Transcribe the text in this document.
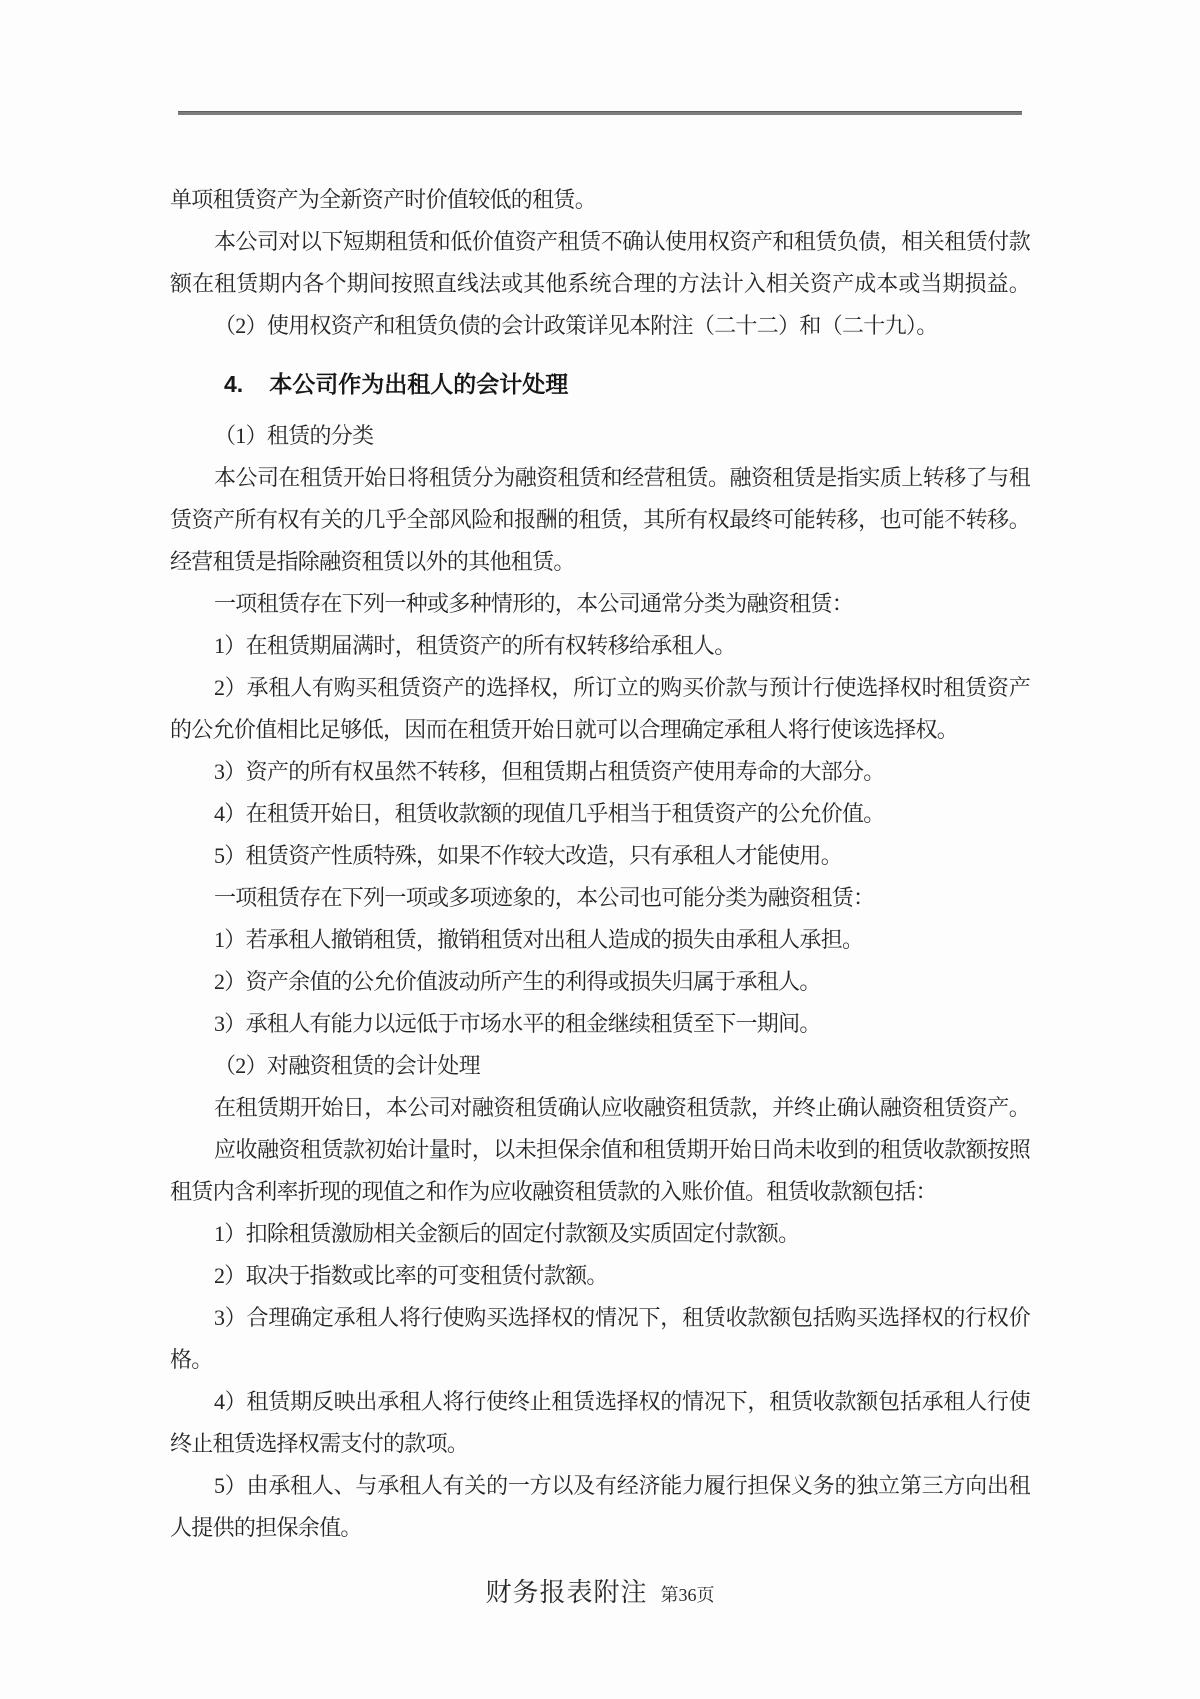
单项租赁资产为全新资产时价值较低的租赁。
本公司对以下短期租赁和低价值资产租赁不确认使用权资产和租赁负债，相关租赁付款
额在租赁期内各个期间按照直线法或其他系统合理的方法计入相关资产成本或当期损益。
（2）使用权资产和租赁负债的会计政策详见本附注（二十二）和（二十九）。
4. 本公司作为出租人的会计处理
（1）租赁的分类
本公司在租赁开始日将租赁分为融资租赁和经营租赁。融资租赁是指实质上转移了与租
赁资产所有权有关的几乎全部风险和报酬的租赁，其所有权最终可能转移，也可能不转移。
经营租赁是指除融资租赁以外的其他租赁。
一项租赁存在下列一种或多种情形的，本公司通常分类为融资租赁：
1）在租赁期届满时，租赁资产的所有权转移给承租人。
2）承租人有购买租赁资产的选择权，所订立的购买价款与预计行使选择权时租赁资产
的公允价值相比足够低，因而在租赁开始日就可以合理确定承租人将行使该选择权。
3）资产的所有权虽然不转移，但租赁期占租赁资产使用寿命的大部分。
4）在租赁开始日，租赁收款额的现值几乎相当于租赁资产的公允价值。
5）租赁资产性质特殊，如果不作较大改造，只有承租人才能使用。
一项租赁存在下列一项或多项迹象的，本公司也可能分类为融资租赁：
1）若承租人撤销租赁，撤销租赁对出租人造成的损失由承租人承担。
2）资产余值的公允价值波动所产生的利得或损失归属于承租人。
3）承租人有能力以远低于市场水平的租金继续租赁至下一期间。
（2）对融资租赁的会计处理
在租赁期开始日，本公司对融资租赁确认应收融资租赁款，并终止确认融资租赁资产。
应收融资租赁款初始计量时，以未担保余值和租赁期开始日尚未收到的租赁收款额按照
租赁内含利率折现的现值之和作为应收融资租赁款的入账价值。租赁收款额包括：
1）扣除租赁激励相关金额后的固定付款额及实质固定付款额。
2）取决于指数或比率的可变租赁付款额。
3）合理确定承租人将行使购买选择权的情况下，租赁收款额包括购买选择权的行权价
格。
4）租赁期反映出承租人将行使终止租赁选择权的情况下，租赁收款额包括承租人行使
终止租赁选择权需支付的款项。
5）由承租人、与承租人有关的一方以及有经济能力履行担保义务的独立第三方向出租
人提供的担保余值。
财务报表附注 第36页
